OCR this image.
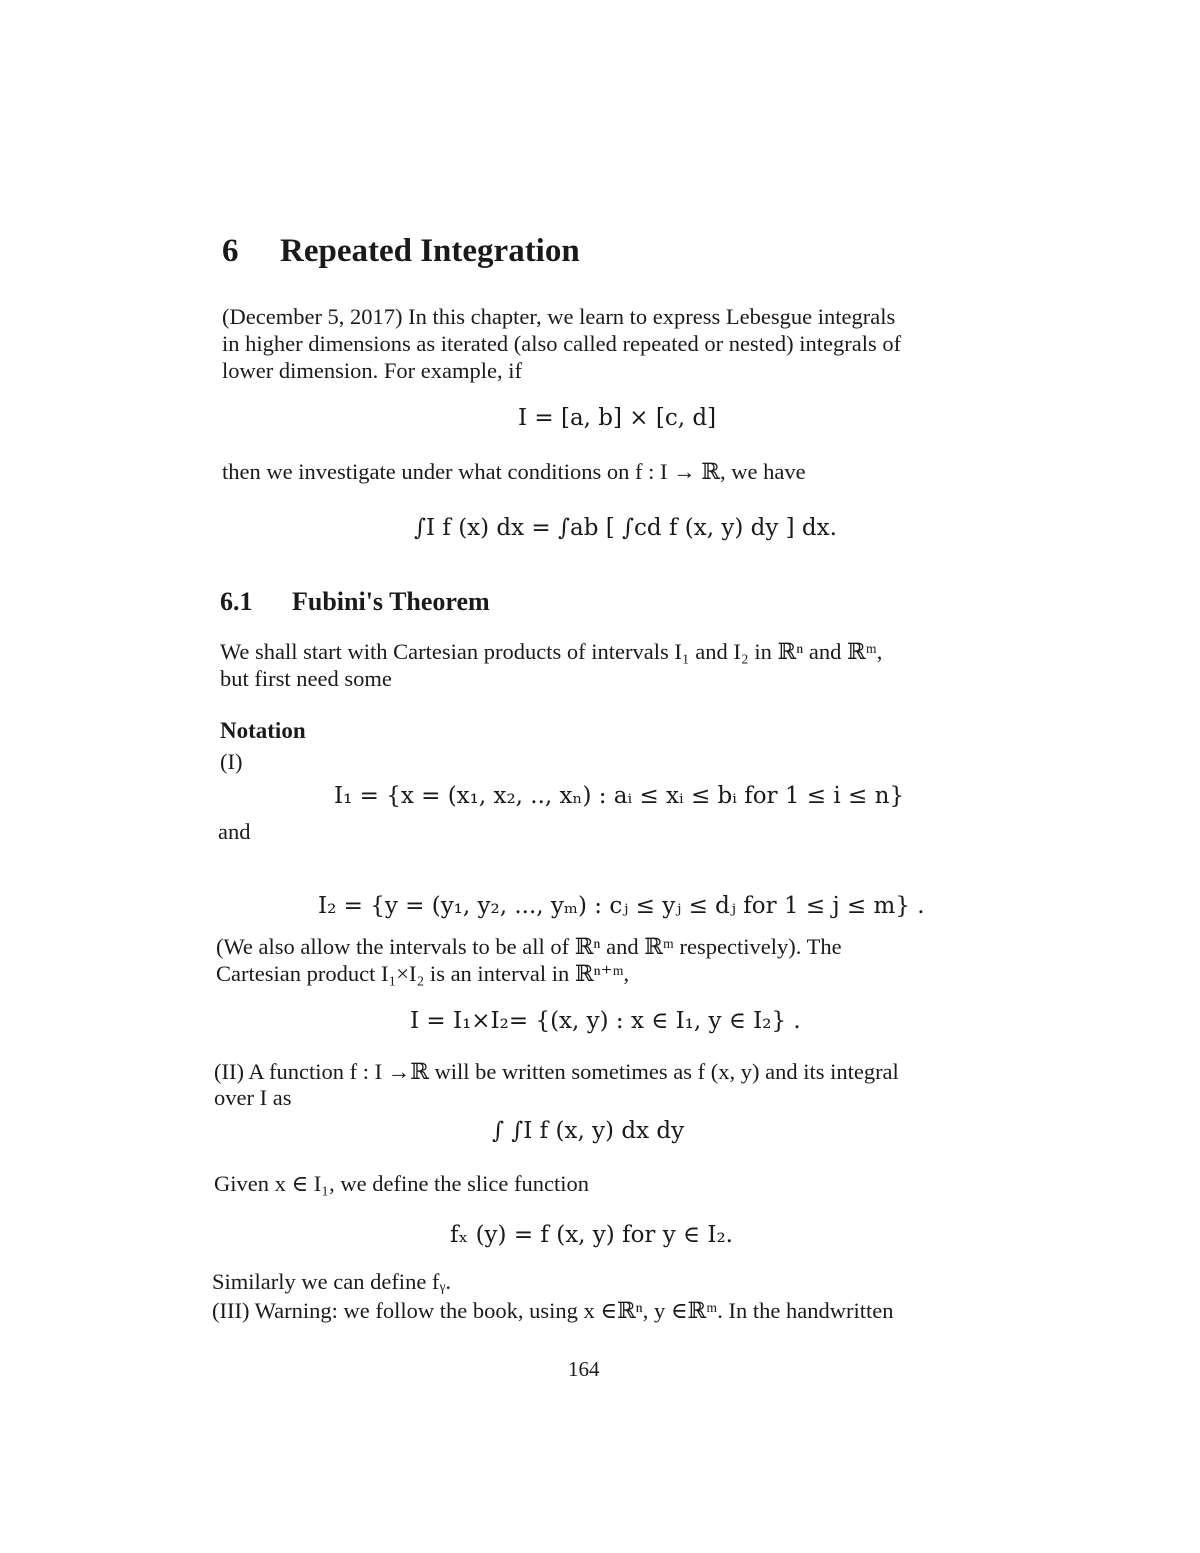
6 Repeated Integration
(December 5, 2017) In this chapter, we learn to express Lebesgue integrals
in higher dimensions as iterated (also called repeated or nested) integrals of
lower dimension. For example, if
I = [a, b] × [c, d]
then we investigate under what conditions on f : I → ℝ, we have
∫I f (x) dx = ∫ab [ ∫cd f (x, y) dy ] dx.
6.1 Fubini's Theorem
We shall start with Cartesian products of intervals I₁ and I₂ in ℝⁿ and ℝᵐ,
but first need some
Notation
(I)
I₁ = {x = (x₁, x₂, .., xₙ) : aᵢ ≤ xᵢ ≤ bᵢ for 1 ≤ i ≤ n}
and
I₂ = {y = (y₁, y₂, ..., yₘ) : cⱼ ≤ yⱼ ≤ dⱼ for 1 ≤ j ≤ m} .
(We also allow the intervals to be all of ℝⁿ and ℝᵐ respectively). The
Cartesian product I₁×I₂ is an interval in ℝⁿ⁺ᵐ,
I = I₁×I₂= {(x, y) : x ∈ I₁, y ∈ I₂} .
(II) A function f : I →ℝ will be written sometimes as f (x, y) and its integral
over I as
∫ ∫I f (x, y) dx dy
Given x ∈ I₁, we define the slice function
fₓ (y) = f (x, y) for y ∈ I₂.
Similarly we can define fᵧ.
(III) Warning: we follow the book, using x ∈ℝⁿ, y ∈ℝᵐ. In the handwritten
164
